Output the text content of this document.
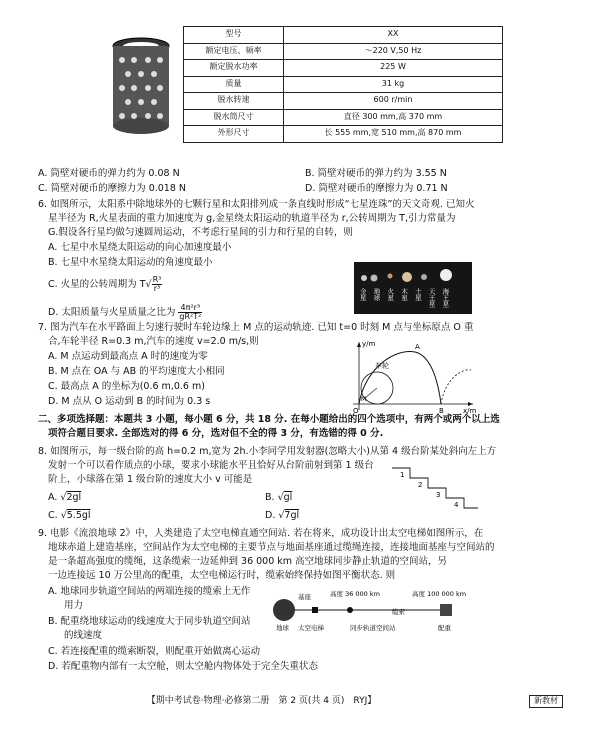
型号	XX
额定电压、频率	～220 V,50 Hz
额定脱水功率	225 W
质量	31 kg
脱水转速	600 r/min
脱水筒尺寸	直径 300 mm,高 370 mm
外形尺寸	长 555 mm,宽 510 mm,高 870 mm
A. 筒壁对硬币的弹力约为 0.08 N	B. 筒壁对硬币的弹力约为 3.55 N
C. 筒壁对硬币的摩擦力为 0.018 N	D. 筒壁对硬币的摩擦力为 0.71 N
6. 如图所示，太阳系中除地球外的七颗行星和太阳排列成一条直线时形成“七星连珠”的天文奇观. 已知火
星半径为 R,火星表面的重力加速度为 g,金星绕太阳运动的轨道半径为 r,公转周期为 T,引力常量为
G.假设各行星均做匀速圆周运动，不考虑行星间的引力和行星的自转，则
A. 七星中水星绕太阳运动的向心加速度最小
B. 七星中水星绕太阳运动的角速度最小
C. 火星的公转周期为 $T√ \frac{\text{R³}}{\text{r³}}$
D. 太阳质量与火星质量之比为 $\frac{\text{4π²r³}}{\text{gR²T²}}$
金星 地球 火星 木星 土星 天王星 海王星
7. 图为汽车在水平路面上匀速行驶时车轮边缘上 M 点的运动轨迹. 已知 t=0 时刻 M 点与坐标原点 O 重
合,车轮半径 R=0.3 m,汽车的速度 v=2.0 m/s,则
A. M 点运动到最高点 A 时的速度为零
B. M 点在 OA 与 AB 的平均速度大小相同
C. 最高点 A 的坐标为(0.6 m,0.6 m)
D. M 点从 O 运动到 B 的时间为 0.3 s
y/m
x/m
车轮
A
B
O
M
二、多项选择题：本题共 3 小题，每小题 6 分，共 18 分. 在每小题给出的四个选项中，有两个或两个以上选
项符合题目要求. 全部选对的得 6 分，选对但不全的得 3 分，有选错的得 0 分.
8. 如图所示，每一级台阶的高 h=0.2 m,宽为 2h.小李同学用发射器(忽略大小)从第 4 级台阶某处斜向左上方
发射一个可以看作质点的小球，要求小球能水平且恰好从台阶前射到第 1 级台
阶上，小球落在第 1 级台阶的速度大小 v 可能是
A. √2gl	B. √gl
C. √5.5gl	D. √7gl
1
2
3
4
9. 电影《流浪地球 2》中，人类建造了太空电梯直通空间站. 若在将来，成功设计出太空电梯如图所示，在
地球赤道上建造基座，空间站作为太空电梯的主要节点与地面基座通过缆绳连接，连接地面基座与空间站的
是一条超高强度的缆绳，这条缆索一边延伸到 36 000 km 高空地球同步静止轨道的空间站，另
一边连接远 10 万公里高的配重，太空电梯运行时，缆索始终保持如图平衡状态. 则
A. 地球同步轨道空间站的两端连接的缆索上无作
用力
B. 配重绕地球运动的线速度大于同步轨道空间站
的线速度
C. 若连接配重的缆索断裂，则配重开始做离心运动
D. 若配重物内部有一太空舱，则太空舱内物体处于完全失重状态
基座	高度 36 000 km
缆索
高度 100 000 km
地球 太空电梯	同步轨道空间站	配重
【期中考试卷·物理·必修第二册　第 2 页(共 4 页)　RYJ】	新教材
